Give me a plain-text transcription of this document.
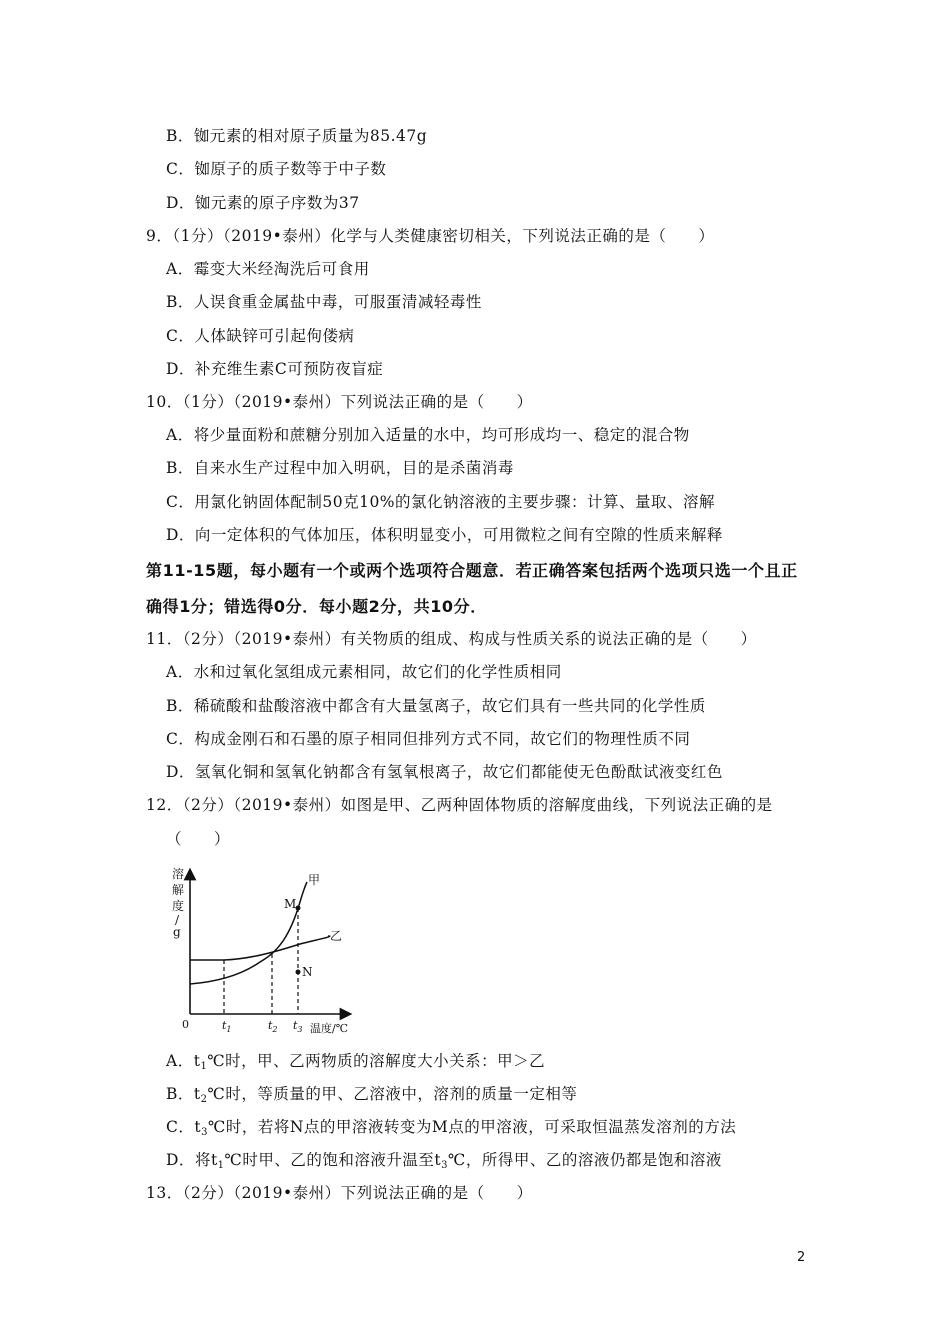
B．铷元素的相对原子质量为85.47g
C．铷原子的质子数等于中子数
D．铷元素的原子序数为37
9．（1分）（2019•泰州）化学与人类健康密切相关，下列说法正确的是（　　）
A．霉变大米经淘洗后可食用
B．人误食重金属盐中毒，可服蛋清减轻毒性
C．人体缺锌可引起佝偻病
D．补充维生素C可预防夜盲症
10．（1分）（2019•泰州）下列说法正确的是（　　）
A．将少量面粉和蔗糖分别加入适量的水中，均可形成均一、稳定的混合物
B．自来水生产过程中加入明矾，目的是杀菌消毒
C．用氯化钠固体配制50克10%的氯化钠溶液的主要步骤：计算、量取、溶解
D．向一定体积的气体加压，体积明显变小，可用微粒之间有空隙的性质来解释
第11-15题，每小题有一个或两个选项符合题意．若正确答案包括两个选项只选一个且正
确得1分；错选得0分．每小题2分，共10分．
11．（2分）（2019•泰州）有关物质的组成、构成与性质关系的说法正确的是（　　）
A．水和过氧化氢组成元素相同，故它们的化学性质相同
B．稀硫酸和盐酸溶液中都含有大量氢离子，故它们具有一些共同的化学性质
C．构成金刚石和石墨的原子相同但排列方式不同，故它们的物理性质不同
D．氢氧化铜和氢氧化钠都含有氢氧根离子，故它们都能使无色酚酞试液变红色
12．（2分）（2019•泰州）如图是甲、乙两种固体物质的溶解度曲线，下列说法正确的是
（　　）
溶
解
度
/
g
M
N
甲
乙
0	$t_1$	$t_2$ $t_3$ 温度/℃
A．$t_1℃$时，甲、乙两物质的溶解度大小关系：甲＞乙
B．$t_2℃$时，等质量的甲、乙溶液中，溶剂的质量一定相等
C．$t_3℃$时，若将N点的甲溶液转变为M点的甲溶液，可采取恒温蒸发溶剂的方法
D．将$t_1℃$时甲、乙的饱和溶液升温至$t_3℃$，所得甲、乙的溶液仍都是饱和溶液
13．（2分）（2019•泰州）下列说法正确的是（　　）
2
